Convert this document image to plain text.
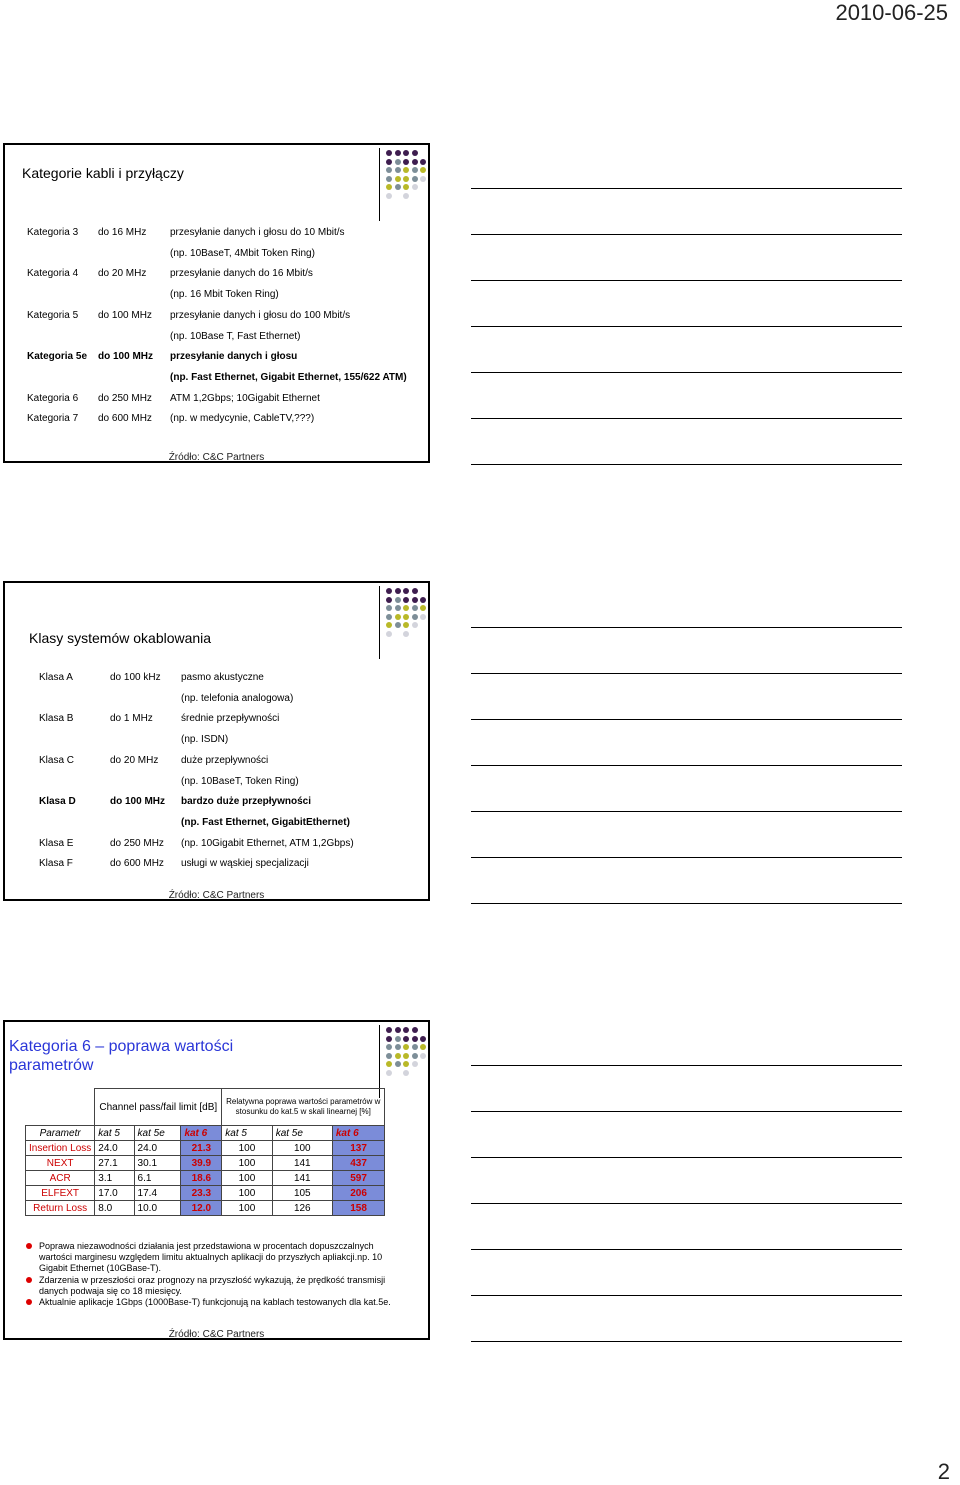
2010-06-25
Kategorie kabli i przyłączy
Kategoria 3 do 16 MHz przesyłanie danych i głosu do 10 Mbit/s
(np. 10BaseT, 4Mbit Token Ring)
Kategoria 4 do 20 MHz przesyłanie danych do 16 Mbit/s
(np. 16 Mbit Token Ring)
Kategoria 5 do 100 MHz przesyłanie danych i głosu do 100 Mbit/s
(np. 10Base T, Fast Ethernet)
Kategoria 5e do 100 MHz przesyłanie danych i głosu
(np. Fast Ethernet, Gigabit Ethernet, 155/622 ATM)
Kategoria 6 do 250 MHz ATM 1,2Gbps; 10Gigabit Ethernet
Kategoria 7 do 600 MHz (np. w medycynie, CableTV,???)
Źródło: C&C Partners
Klasy systemów okablowania
Klasa A	do 100 kHz pasmo akustyczne
(np. telefonia analogowa)
Klasa B	do 1 MHz	średnie przepływności
(np. ISDN)
Klasa C	do 20 MHz duże przepływności
(np. 10BaseT, Token Ring)
Klasa D	do 100 MHz bardzo duże przepływności
(np. Fast Ethernet, GigabitEthernet)
Klasa E	do 250 MHz (np. 10Gigabit Ethernet, ATM 1,2Gbps)
Klasa F	do 600 MHz usługi w wąskiej specjalizacji
Źródło: C&C Partners
Kategoria 6 – poprawa wartości
parametrów
	Channel pass/fail limit [dB]			Relatywna poprawa wartości parametrów w stosunku do kat.5 w skali linearnej [%]		
Parametr	kat 5	kat 5e	kat 6	kat 5	kat 5e	kat 6
Insertion Loss	24.0	24.0	21.3	100	100	137
NEXT	27.1	30.1	39.9	100	141	437
ACR	3.1	6.1	18.6	100	141	597
ELFEXT	17.0	17.4	23.3	100	105	206
Return Loss	8.0	10.0	12.0	100	126	158
Poprawa niezawodności działania jest przedstawiona w procentach dopuszczalnych wartości marginesu względem limitu aktualnych aplikacji do przyszłych apliakcji.np. 10 Gigabit Ethernet (10GBase-T).
Zdarzenia w przeszłości oraz prognozy na przyszłość wykazują, że prędkość transmisji danych podwaja się co 18 miesięcy.
Aktualnie aplikacje 1Gbps (1000Base-T) funkcjonują na kablach testowanych dla kat.5e.
Źródło: C&C Partners
2
